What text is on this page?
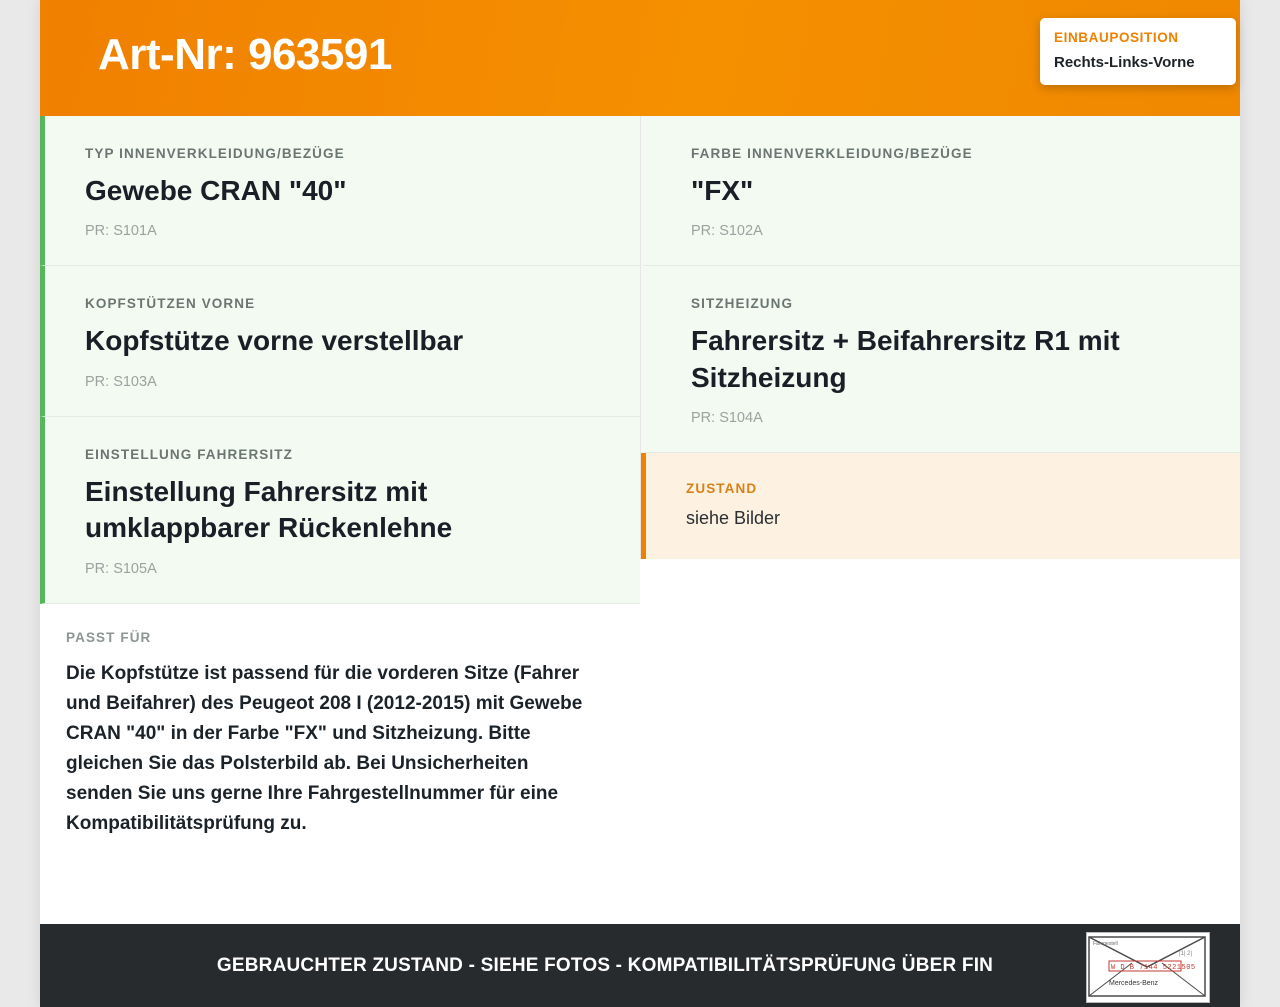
Art-Nr: 963591	EINBAUPOSITION
Rechts-Links-Vorne
TYP INNENVERKLEIDUNG/BEZÜGE
Gewebe CRAN "40"
PR: S101A
KOPFSTÜTZEN VORNE
Kopfstütze vorne verstellbar
PR: S103A
EINSTELLUNG FAHRERSITZ
Einstellung Fahrersitz mit umklappbarer Rückenlehne
PR: S105A
PASST FÜR
Die Kopfstütze ist passend für die vorderen Sitze (Fahrer und Beifahrer) des Peugeot 208 I (2012-2015) mit Gewebe CRAN "40" in der Farbe "FX" und Sitzheizung. Bitte gleichen Sie das Polsterbild ab. Bei Unsicherheiten senden Sie uns gerne Ihre Fahrgestellnummer für eine Kompatibilitätsprüfung zu.
FARBE INNENVERKLEIDUNG/BEZÜGE
"FX"
PR: S102A
SITZHEIZUNG
Fahrersitz + Beifahrersitz R1 mit Sitzheizung
PR: S104A
ZUSTAND
siehe Bilder
GEBRAUCHTER ZUSTAND - SIEHE FOTOS - KOMPATIBILITÄTSPRÜFUNG ÜBER FIN
Fahrgestell
W D B 7144 5221505
Mercedes-Benz
|1| 2|
